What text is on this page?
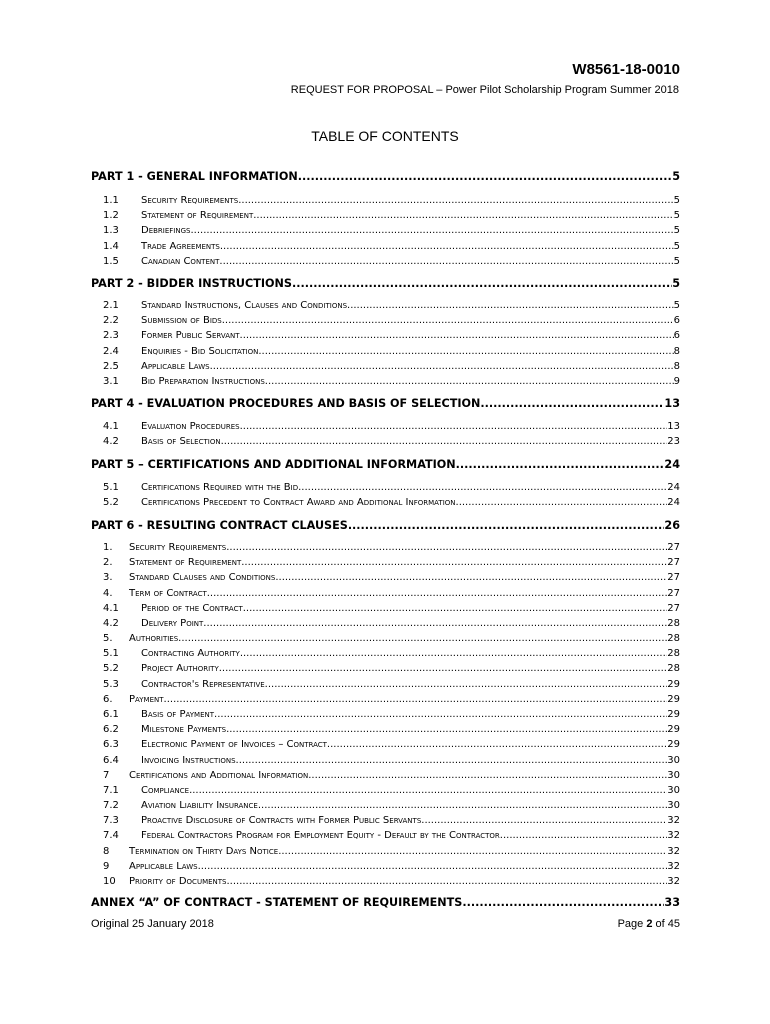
W8561-18-0010
REQUEST FOR PROPOSAL – Power Pilot Scholarship Program Summer 2018
TABLE OF CONTENTS
PART 1 - GENERAL INFORMATION .....	5
1.1	Security Requirements .....	5
1.2	Statement of Requirement .....	5
1.3	Debriefings .....	5
1.4	Trade Agreements .....	5
1.5	Canadian Content .....	5
PART 2 - BIDDER INSTRUCTIONS .....	5
2.1	Standard Instructions, Clauses and Conditions .....	5
2.2	Submission of Bids .....	6
2.3	Former Public Servant .....	6
2.4	Enquiries - Bid Solicitation .....	8
2.5	Applicable Laws .....	8
3.1	Bid Preparation Instructions .....	9
PART 4 - EVALUATION PROCEDURES AND BASIS OF SELECTION .....	13
4.1	Evaluation Procedures .....	13
4.2	Basis of Selection .....	23
PART 5 – CERTIFICATIONS AND ADDITIONAL INFORMATION .....	24
5.1	Certifications Required with the Bid .....	24
5.2	Certifications Precedent to Contract Award and Additional Information .....	24
PART 6 - RESULTING CONTRACT CLAUSES .....	26
1.	Security Requirements .....	27
2.	Statement of Requirement .....	27
3.	Standard Clauses and Conditions .....	27
4.	Term of Contract .....	27
4.1	Period of the Contract .....	27
4.2	Delivery Point .....	28
5.	Authorities .....	28
5.1	Contracting Authority .....	28
5.2	Project Authority .....	28
5.3	Contractor's Representative .....	29
6.	Payment .....	29
6.1	Basis of Payment .....	29
6.2	Milestone Payments .....	29
6.3	Electronic Payment of Invoices – Contract .....	29
6.4	Invoicing Instructions .....	30
7	Certifications and Additional Information .....	30
7.1	Compliance .....	30
7.2	Aviation Liability Insurance .....	30
7.3	Proactive Disclosure of Contracts with Former Public Servants .....	32
7.4	Federal Contractors Program for Employment Equity - Default by the Contractor .....	32
8	Termination on Thirty Days Notice .....	32
9	Applicable Laws .....	32
10	Priority of Documents .....	32
ANNEX “A” OF CONTRACT - STATEMENT OF REQUIREMENTS .....	33
Original 25 January 2018	Page 2 of 45
